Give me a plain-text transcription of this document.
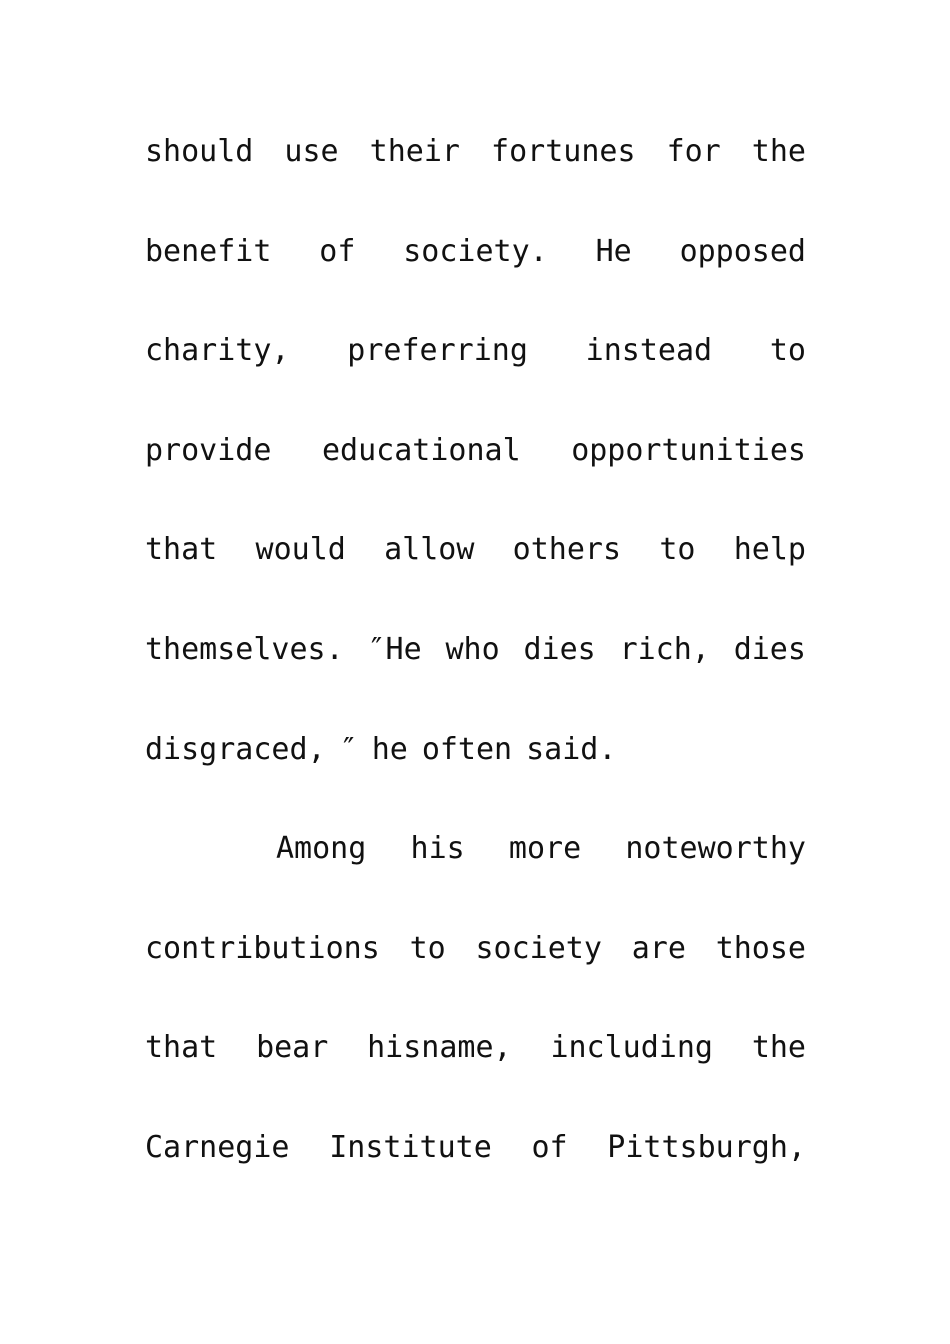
should use their fortunes for the
benefit of society. He opposed
charity, preferring instead to
provide educational opportunities
that would allow others to help
themselves. ″He who dies rich, dies
disgraced, ″ he often said.
Among his more noteworthy
contributions to society are those
that bear hisname, including the
Carnegie Institute of Pittsburgh,
